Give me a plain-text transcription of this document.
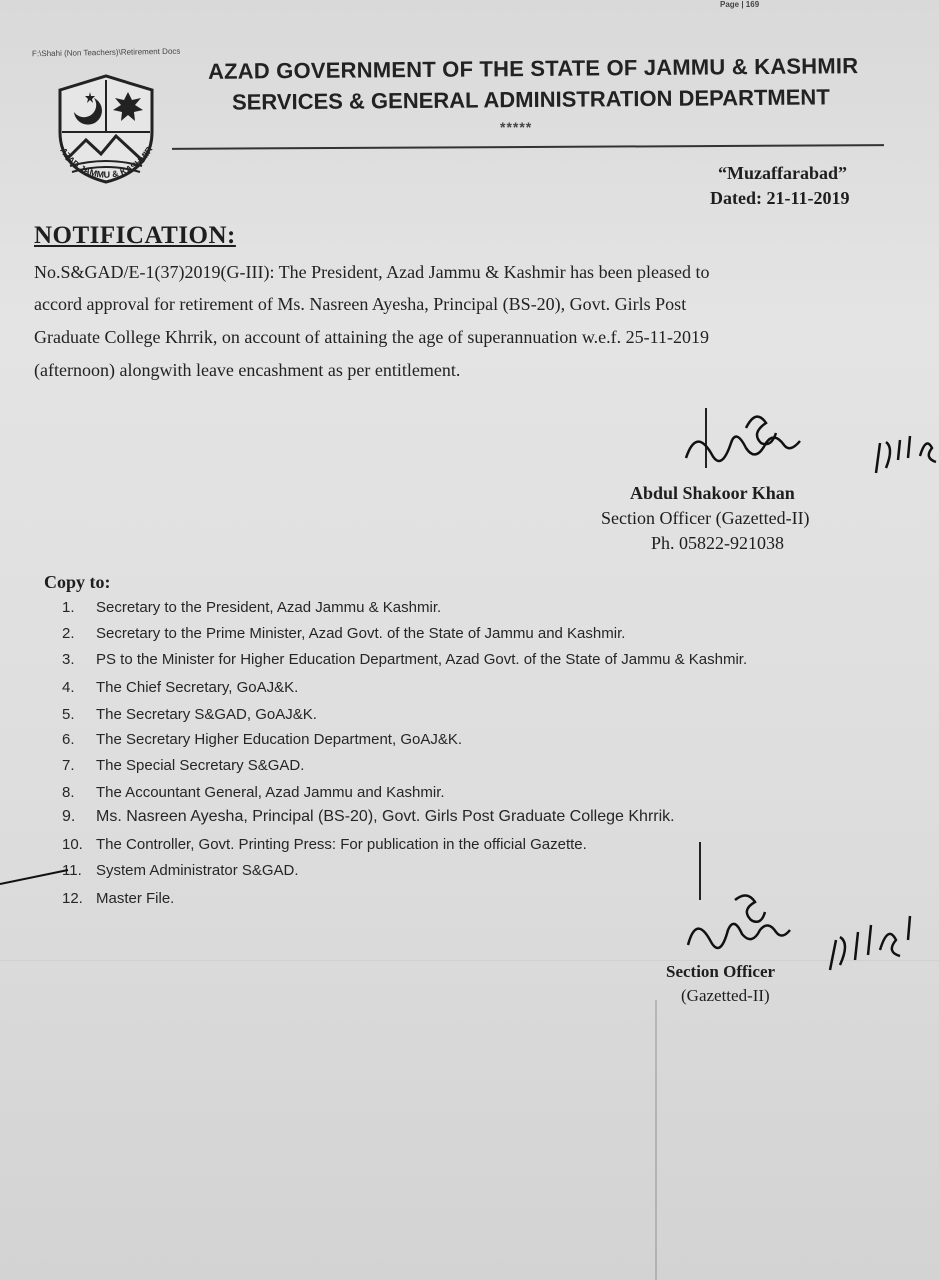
Page | 169
F:\Shahi (Non Teachers)\Retirement Docs
AZAD JAMMU & KASHMIR
AZAD GOVERNMENT OF THE STATE OF JAMMU & KASHMIR
SERVICES & GENERAL ADMINISTRATION DEPARTMENT
*****
“Muzaffarabad”
Dated: 21-11-2019
NOTIFICATION:
No.S&GAD/E-1(37)2019(G-III): The President, Azad Jammu & Kashmir has been pleased to
accord approval for retirement of Ms. Nasreen Ayesha, Principal (BS-20), Govt. Girls Post
Graduate College Khrrik, on account of attaining the age of superannuation w.e.f. 25-11-2019
(afternoon) alongwith leave encashment as per entitlement.
Abdul Shakoor Khan
Section Officer (Gazetted-II)
Ph. 05822-921038
Copy to:
1. Secretary to the President, Azad Jammu & Kashmir.
2. Secretary to the Prime Minister, Azad Govt. of the State of Jammu and Kashmir.
3. PS to the Minister for Higher Education Department, Azad Govt. of the State of Jammu & Kashmir.
4. The Chief Secretary, GoAJ&K.
5. The Secretary S&GAD, GoAJ&K.
6. The Secretary Higher Education Department, GoAJ&K.
7. The Special Secretary S&GAD.
8. The Accountant General, Azad Jammu and Kashmir.
9. Ms. Nasreen Ayesha, Principal (BS-20), Govt. Girls Post Graduate College Khrrik.
10. The Controller, Govt. Printing Press: For publication in the official Gazette.
11. System Administrator S&GAD.
12. Master File.
Section Officer
(Gazetted-II)
